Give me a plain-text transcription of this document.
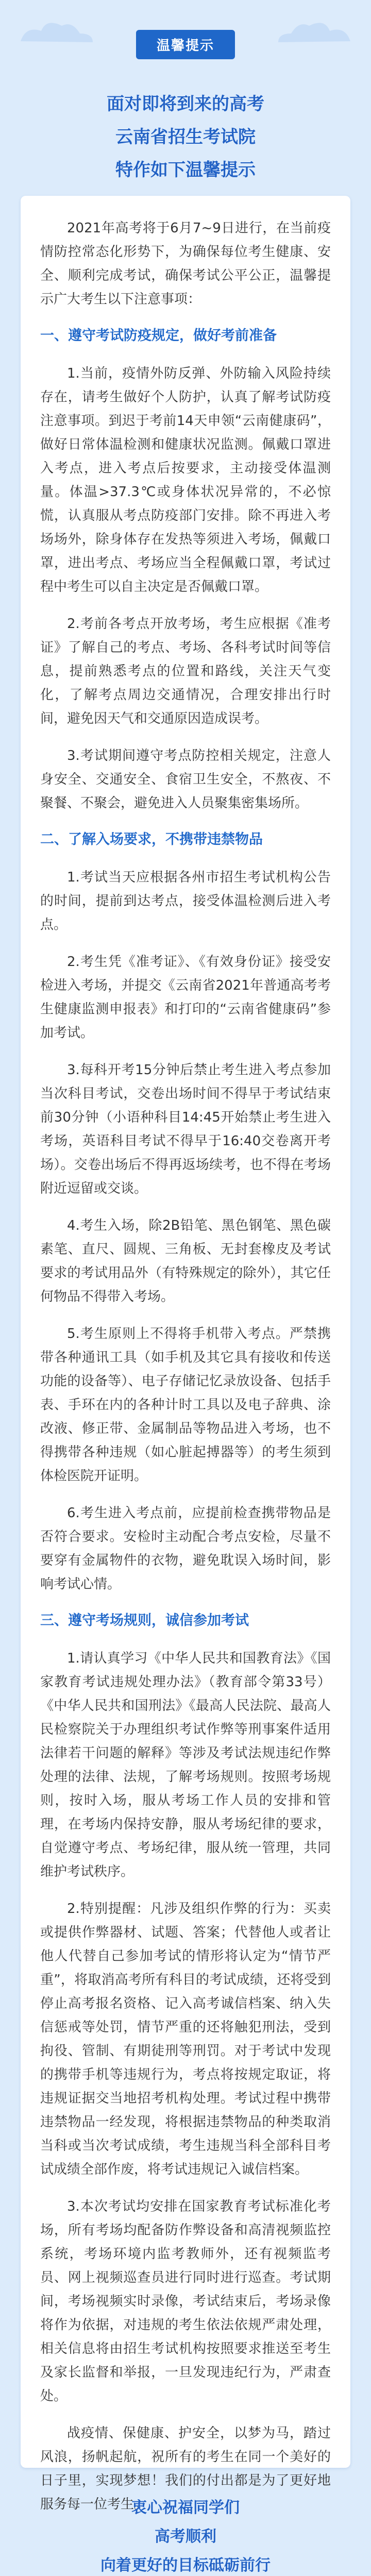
温馨提示
面对即将到来的高考
云南省招生考试院
特作如下温馨提示

2021年高考将于6月7~9日进行，在当前疫情防控常态化形势下，为确保每位考生健康、安全、顺利完成考试，确保考试公平公正，温馨提示广大考生以下注意事项：

一、遵守考试防疫规定，做好考前准备

1.当前，疫情外防反弹、外防输入风险持续存在，请考生做好个人防护，认真了解考试防疫注意事项。到迟于考前14天申领“云南健康码”，做好日常体温检测和健康状况监测。佩戴口罩进入考点，进入考点后按要求，主动接受体温测量。体温>37.3℃或身体状况异常的，不必惊慌，认真服从考点防疫部门安排。除不再进入考场场外，除身体存在发热等须进入考场，佩戴口罩，进出考点、考场应当全程佩戴口罩，考试过程中考生可以自主决定是否佩戴口罩。

2.考前各考点开放考场，考生应根据《准考证》了解自己的考点、考场、各科考试时间等信息，提前熟悉考点的位置和路线，关注天气变化，了解考点周边交通情况，合理安排出行时间，避免因天气和交通原因造成误考。

3.考试期间遵守考点防控相关规定，注意人身安全、交通安全、食宿卫生安全，不熬夜、不聚餐、不聚会，避免进入人员聚集密集场所。

二、了解入场要求，不携带违禁物品

1.考试当天应根据各州市招生考试机构公告的时间，提前到达考点，接受体温检测后进入考点。

2.考生凭《准考证》、《有效身份证》接受安检进入考场，并提交《云南省2021年普通高考考生健康监测申报表》和打印的“云南省健康码”参加考试。

3.每科开考15分钟后禁止考生进入考点参加当次科目考试，交卷出场时间不得早于考试结束前30分钟（小语种科目14:45开始禁止考生进入考场，英语科目考试不得早于16:40交卷离开考场）。交卷出场后不得再返场续考，也不得在考场附近逗留或交谈。

4.考生入场，除2B铅笔、黑色钢笔、黑色碳素笔、直尺、圆规、三角板、无封套橡皮及考试要求的考试用品外（有特殊规定的除外），其它任何物品不得带入考场。

5.考生原则上不得将手机带入考点。严禁携带各种通讯工具（如手机及其它具有接收和传送功能的设备等）、电子存储记忆录放设备、包括手表、手环在内的各种计时工具以及电子辞典、涂改液、修正带、金属制品等物品进入考场，也不得携带各种违规（如心脏起搏器等）的考生须到体检医院开证明。

6.考生进入考点前，应提前检查携带物品是否符合要求。安检时主动配合考点安检，尽量不要穿有金属物件的衣物，避免耽误入场时间，影响考试心情。

三、遵守考场规则，诚信参加考试

1.请认真学习《中华人民共和国教育法》《国家教育考试违规处理办法》（教育部令第33号）《中华人民共和国刑法》《最高人民法院、最高人民检察院关于办理组织考试作弊等刑事案件适用法律若干问题的解释》等涉及考试法规违纪作弊处理的法律、法规，了解考场规则。按照考场规则，按时入场，服从考场工作人员的安排和管理，在考场内保持安静，服从考场纪律的要求，自觉遵守考点、考场纪律，服从统一管理，共同维护考试秩序。

2.特别提醒：凡涉及组织作弊的行为：买卖或提供作弊器材、试题、答案；代替他人或者让他人代替自己参加考试的情形将认定为“情节严重”，将取消高考所有科目的考试成绩，还将受到停止高考报名资格、记入高考诚信档案、纳入失信惩戒等处罚，情节严重的还将触犯刑法，受到拘役、管制、有期徒刑等刑罚。对于考试中发现的携带手机等违规行为，考点将按规定取证，将违规证据交当地招考机构处理。考试过程中携带违禁物品一经发现，将根据违禁物品的种类取消当科或当次考试成绩，考生违规当科全部科目考试成绩全部作废，将考试违规记入诚信档案。

3.本次考试均安排在国家教育考试标准化考场，所有考场均配备防作弊设备和高清视频监控系统，考场环境内监考教师外，还有视频监考员、网上视频巡查员进行同时进行巡查。考试期间，考场视频实时录像，考试结束后，考场录像将作为依据，对违规的考生依法依规严肃处理，相关信息将由招生考试机构按照要求推送至考生及家长监督和举报，一旦发现违纪行为，严肃查处。

战疫情、保健康、护安全，以梦为马，踏过风浪，扬帆起航，祝所有的考生在同一个美好的日子里，实现梦想！我们的付出都是为了更好地服务每一位考生。

衷心祝福同学们
高考顺利
向着更好的目标砥砺前行
